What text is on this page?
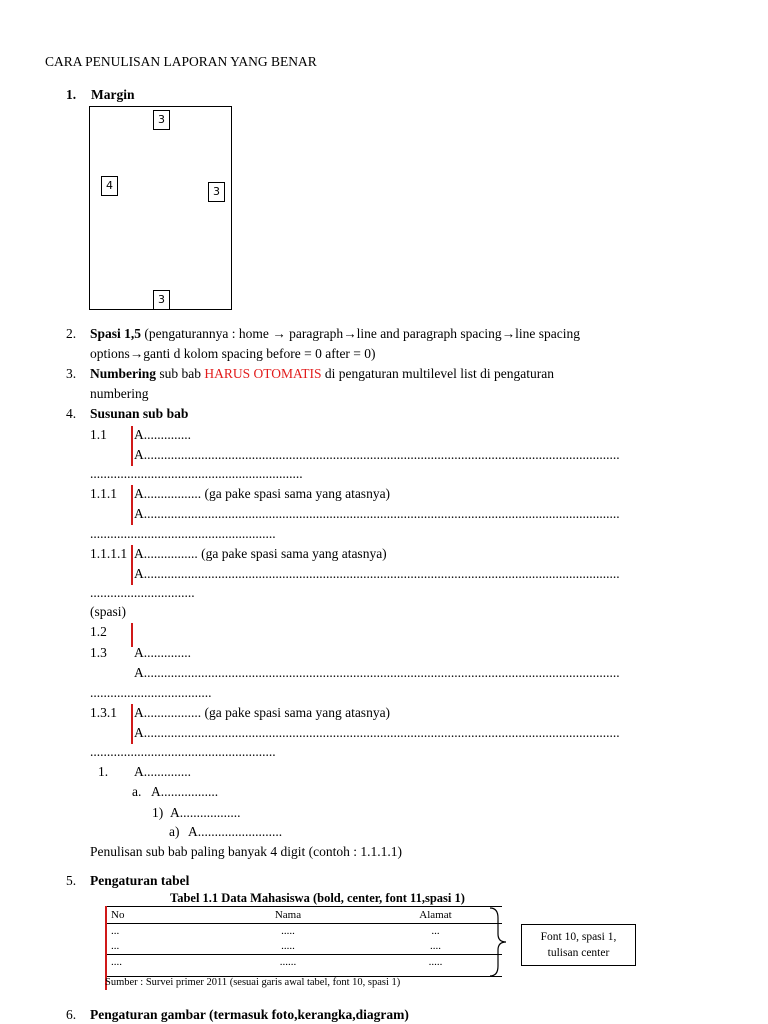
CARA PENULISAN LAPORAN YANG BENAR
1. Margin
3
4	3
3
2. Spasi 1,5 (pengaturannya : home → paragraph→line and paragraph spacing→line spacing
options→ganti d kolom spacing before = 0 after = 0)
3. Numbering sub bab HARUS OTOMATIS di pengaturan multilevel list di pengaturan
numbering
4. Susunan sub bab
1.1 A..............
A.............................................................................................................................................
...............................................................
1.1.1 A................. (ga pake spasi sama yang atasnya)
A.............................................................................................................................................
.......................................................
1.1.1.1 A................ (ga pake spasi sama yang atasnya)
A.............................................................................................................................................
...............................
(spasi)
1.2
1.3 A..............
A.............................................................................................................................................
....................................
1.3.1 A................. (ga pake spasi sama yang atasnya)
A.............................................................................................................................................
.......................................................
1. A..............
a. A.................
1) A..................
a) A.........................
Penulisan sub bab paling banyak 4 digit (contoh : 1.1.1.1)
5. Pengaturan tabel
Tabel 1.1 Data Mahasiswa (bold, center, font 11,spasi 1)
No	Nama	Alamat
...	.....	...
...	.....	....
....	......	.....
Font 10, spasi 1,
tulisan center
Sumber : Survei primer 2011 (sesuai garis awal tabel, font 10, spasi 1)
6. Pengaturan gambar (termasuk foto,kerangka,diagram)
